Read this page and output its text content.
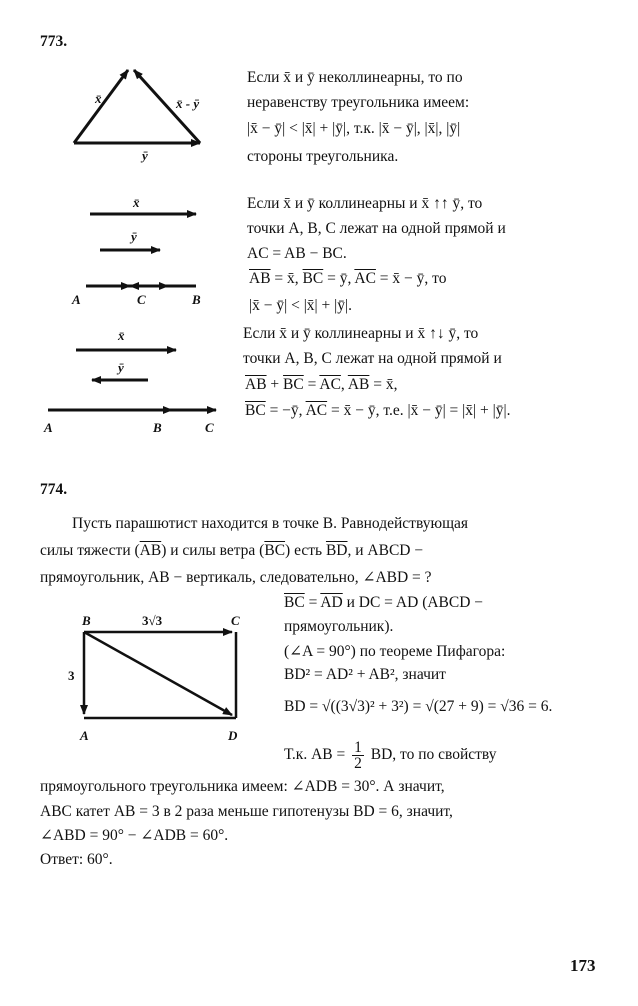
773.
x̄	x̄ - ȳ
ȳ
x̄
ȳ
A	C	B
x̄
ȳ
A	B	C
B	C
A	D
3√3
3
Если x̄ и ȳ неколлинеарны, то по
неравенству треугольника имеем:
|x̄ − ȳ| < |x̄| + |ȳ|, т.к. |x̄ − ȳ|, |x̄|, |ȳ|
стороны треугольника.
Если x̄ и ȳ коллинеарны и x̄ ↑↑ ȳ, то
точки A, B, C лежат на одной прямой и
AC = AB − BC.
$\overline{AB}$ = x̄, $\overline{BC}$ = ȳ, $\overline{AC}$ = x̄ − ȳ, то
|x̄ − ȳ| < |x̄| + |ȳ|.
Если x̄ и ȳ коллинеарны и x̄ ↑↓ ȳ, то
точки A, B, C лежат на одной прямой и
$\overline{AB} + \overline{BC} = \overline{AC}$, $\overline{AB}$ = x̄,
$\overline{BC}$ = −ȳ, $\overline{AC}$ = x̄ − ȳ, т.е. |x̄ − ȳ| = |x̄| + |ȳ|.
774.
Пусть парашютист находится в точке B. Равнодействующая
силы тяжести $(\overline{AB})$ и силы ветра $(\overline{BC})$ есть $\overline{BD}$, и ABCD −
прямоугольник, AB − вертикаль, следовательно, ∠ABD = ?
$\overline{BC} = \overline{AD}$ и DC = AD (ABCD −
прямоугольник).
(∠A = 90°) по теореме Пифагора:
BD² = AD² + AB², значит
BD = √((3√3)² + 3²) = √(27 + 9) = √36 = 6.
Т.к. AB = $\frac{1}{2}$ BD, то по свойству
прямоугольного треугольника имеем: ∠ADB = 30°. А значит,
ABC катет AB = 3 в 2 раза меньше гипотенузы BD = 6, значит,
∠ABD = 90° − ∠ADB = 60°.
Ответ: 60°.
173
